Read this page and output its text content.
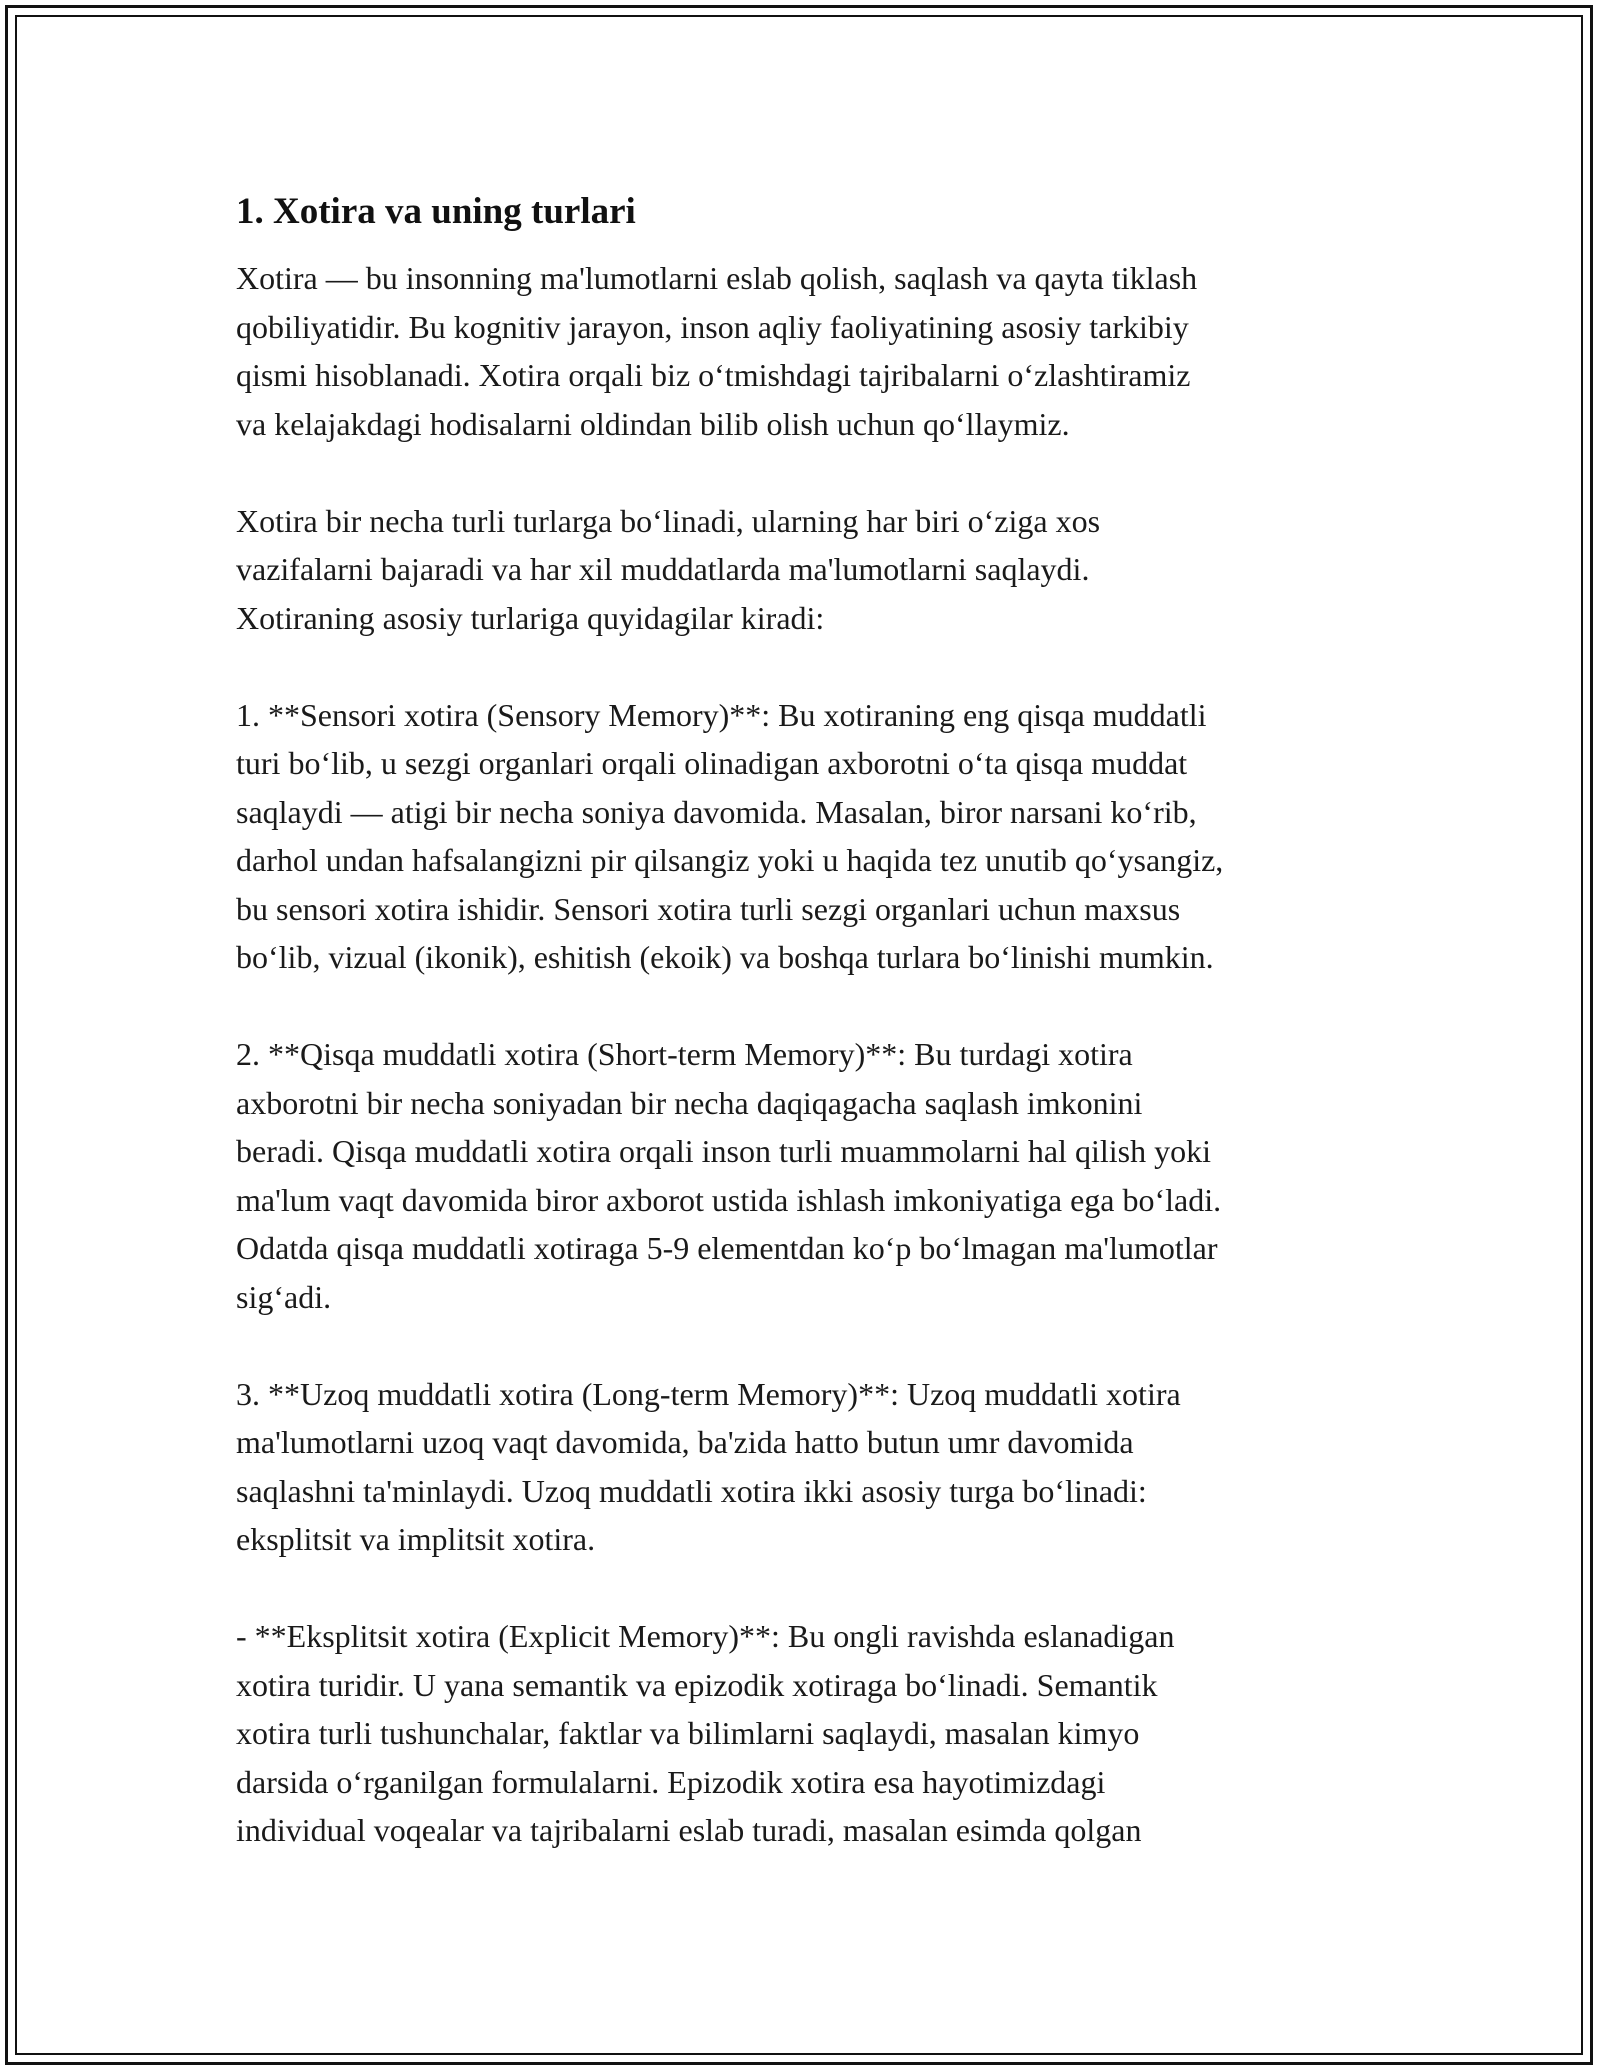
1. Xotira va uning turlari

Xotira — bu insonning ma'lumotlarni eslab qolish, saqlash va qayta tiklash
qobiliyatidir. Bu kognitiv jarayon, inson aqliy faoliyatining asosiy tarkibiy
qismi hisoblanadi. Xotira orqali biz o‘tmishdagi tajribalarni o‘zlashtiramiz
va kelajakdagi hodisalarni oldindan bilib olish uchun qo‘llaymiz.

Xotira bir necha turli turlarga bo‘linadi, ularning har biri o‘ziga xos
vazifalarni bajaradi va har xil muddatlarda ma'lumotlarni saqlaydi.
Xotiraning asosiy turlariga quyidagilar kiradi:

1. **Sensori xotira (Sensory Memory)**: Bu xotiraning eng qisqa muddatli
turi bo‘lib, u sezgi organlari orqali olinadigan axborotni o‘ta qisqa muddat
saqlaydi — atigi bir necha soniya davomida. Masalan, biror narsani ko‘rib,
darhol undan hafsalangizni pir qilsangiz yoki u haqida tez unutib qo‘ysangiz,
bu sensori xotira ishidir. Sensori xotira turli sezgi organlari uchun maxsus
bo‘lib, vizual (ikonik), eshitish (ekoik) va boshqa turlara bo‘linishi mumkin.

2. **Qisqa muddatli xotira (Short-term Memory)**: Bu turdagi xotira
axborotni bir necha soniyadan bir necha daqiqagacha saqlash imkonini
beradi. Qisqa muddatli xotira orqali inson turli muammolarni hal qilish yoki
ma'lum vaqt davomida biror axborot ustida ishlash imkoniyatiga ega bo‘ladi.
Odatda qisqa muddatli xotiraga 5-9 elementdan ko‘p bo‘lmagan ma'lumotlar
sig‘adi.

3. **Uzoq muddatli xotira (Long-term Memory)**: Uzoq muddatli xotira
ma'lumotlarni uzoq vaqt davomida, ba'zida hatto butun umr davomida
saqlashni ta'minlaydi. Uzoq muddatli xotira ikki asosiy turga bo‘linadi:
eksplitsit va implitsit xotira.

- **Eksplitsit xotira (Explicit Memory)**: Bu ongli ravishda eslanadigan
xotira turidir. U yana semantik va epizodik xotiraga bo‘linadi. Semantik
xotira turli tushunchalar, faktlar va bilimlarni saqlaydi, masalan kimyo
darsida o‘rganilgan formulalarni. Epizodik xotira esa hayotimizdagi
individual voqealar va tajribalarni eslab turadi, masalan esimda qolgan
